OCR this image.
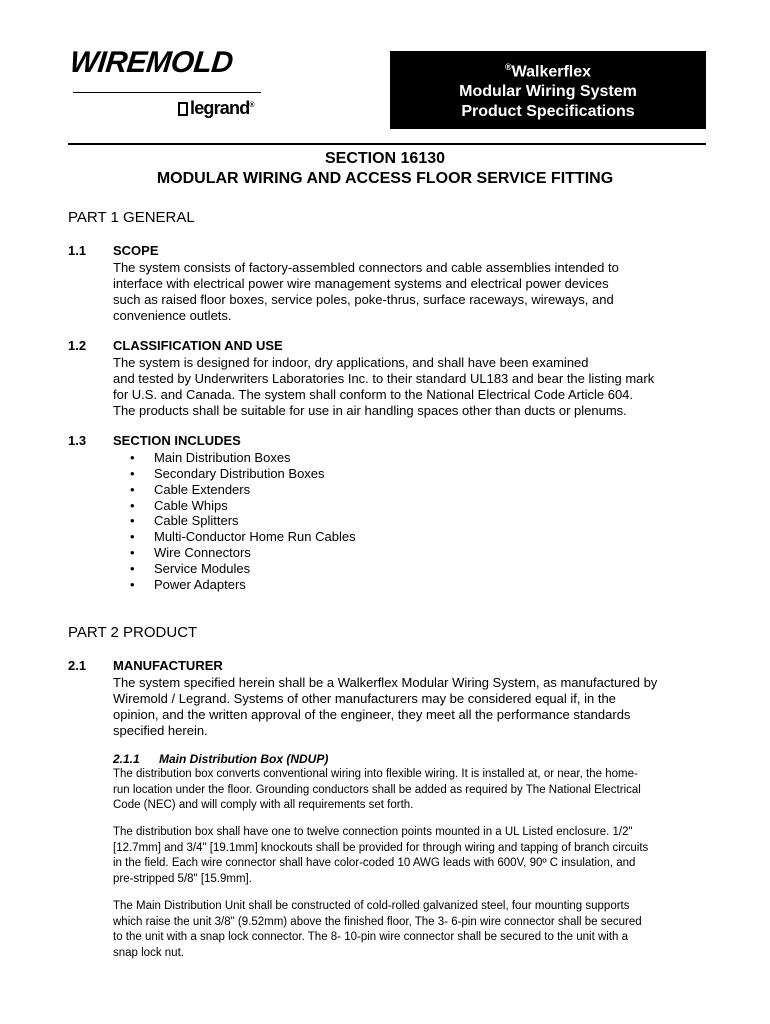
WIREMOLD
legrand®
®Walkerflex
Modular Wiring System
Product Specifications
SECTION 16130
MODULAR WIRING AND ACCESS FLOOR SERVICE FITTING
PART 1 GENERAL
1.1 SCOPE
The system consists of factory-assembled connectors and cable assemblies intended to
interface with electrical power wire management systems and electrical power devices
such as raised floor boxes, service poles, poke-thrus, surface raceways, wireways, and
convenience outlets.
1.2 CLASSIFICATION AND USE
The system is designed for indoor, dry applications, and shall have been examined
and tested by Underwriters Laboratories Inc. to their standard UL183 and bear the listing mark
for U.S. and Canada. The system shall conform to the National Electrical Code Article 604.
The products shall be suitable for use in air handling spaces other than ducts or plenums.
1.3 SECTION INCLUDES
• Main Distribution Boxes
• Secondary Distribution Boxes
• Cable Extenders
• Cable Whips
• Cable Splitters
• Multi-Conductor Home Run Cables
• Wire Connectors
• Service Modules
• Power Adapters
PART 2 PRODUCT
2.1 MANUFACTURER
The system specified herein shall be a Walkerflex Modular Wiring System, as manufactured by
Wiremold / Legrand. Systems of other manufacturers may be considered equal if, in the
opinion, and the written approval of the engineer, they meet all the performance standards
specified herein.
2.1.1 Main Distribution Box (NDUP)
The distribution box converts conventional wiring into flexible wiring. It is installed at, or near, the home-
run location under the floor. Grounding conductors shall be added as required by The National Electrical
Code (NEC) and will comply with all requirements set forth.
The distribution box shall have one to twelve connection points mounted in a UL Listed enclosure. 1/2"
[12.7mm] and 3/4" [19.1mm] knockouts shall be provided for through wiring and tapping of branch circuits
in the field. Each wire connector shall have color-coded 10 AWG leads with 600V, 90º C insulation, and
pre-stripped 5/8" [15.9mm].
The Main Distribution Unit shall be constructed of cold-rolled galvanized steel, four mounting supports
which raise the unit 3/8" (9.52mm) above the finished floor, The 3- 6-pin wire connector shall be secured
to the unit with a snap lock connector. The 8- 10-pin wire connector shall be secured to the unit with a
snap lock nut.
